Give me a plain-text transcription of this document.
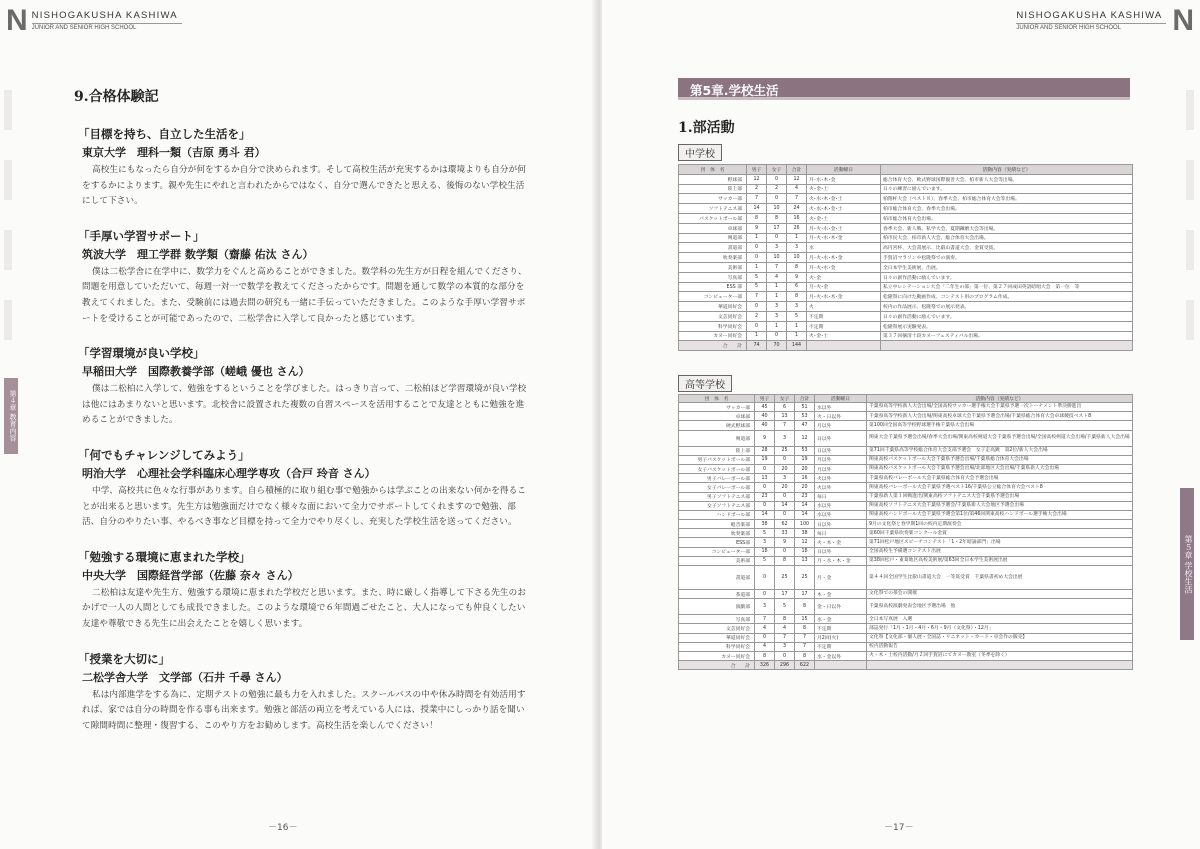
N NISHOGAKUSHA KASHIWA
JUNIOR AND SENIOR HIGH SCHOOL
第４章 教育内容
9.合格体験記
「目標を持ち、自立した生活を」
東京大学　理科一類（吉原 勇斗 君）
高校生にもなったら自分が何をするか自分で決められます。そして高校生活が充実するかは環境よりも自分が何をするかによります。親や先生にやれと言われたからではなく、自分で選んできたと思える、後悔のない学校生活にして下さい。
「手厚い学習サポート」
筑波大学　理工学群 数学類（齋藤 佑汰 さん）
僕は二松学舎に在学中に、数学力をぐんと高めることができました。数学科の先生方が日程を組んでくださり、問題を用意していただいて、毎週一対一で数学を教えてくださったからです。問題を通して数学の本質的な部分を教えてくれました。また、受験前には過去問の研究も一緒に手伝っていただきました。このような手厚い学習サポートを受けることが可能であったので、二松学舎に入学して良かったと感じています。
「学習環境が良い学校」
早稲田大学　国際教養学部（嵯峨 優也 さん）
僕は二松柏に入学して、勉強をするということを学びました。はっきり言って、二松柏ほど学習環境が良い学校は他にはあまりないと思います。北校舎に設置された複数の自習スペースを活用することで友達とともに勉強を進めることができました。
「何でもチャレンジしてみよう」
明治大学　心理社会学科臨床心理学専攻（合戸 玲音 さん）
中学、高校共に色々な行事があります。自ら積極的に取り組む事で勉強からは学ぶことの出来ない何かを得ることが出来ると思います。先生方は勉強面だけでなく様々な面において全力でサポートしてくれますので勉強、部活、自分のやりたい事、やるべき事など目標を持って全力でやり尽くし、充実した学校生活を送ってください。
「勉強する環境に恵まれた学校」
中央大学　国際経営学部（佐藤 奈々 さん）
二松柏は友達や先生方、勉強する環境に恵まれた学校だと思います。また、時に厳しく指導して下さる先生のおかげで一人の人間としても成長できました。このような環境で６年間過ごせたこと、大人になっても仲良くしたい友達や尊敬できる先生に出会えたことを嬉しく思います。
「授業を大切に」
二松学舎大学　文学部（石井 千尋 さん）
私は内部進学をする為に、定期テストの勉強に最も力を入れました。スクールバスの中や休み時間を有効活用すれば、家では自分の時間を作る事も出来ます。勉強と部活の両立を考えている人には、授業中にしっかり話を聞いて隙間時間に整理・復習する、このやり方をお勧めします。高校生活を楽しんでください！
－16－
NISHOGAKUSHA KASHIWA
JUNIOR AND SENIOR HIGH SCHOOL	N
第５章 学校生活
第5章.学校生活
1.部活動
中学校
団　体　名	男子	女子	合計	活動曜日	活動内容（実績など）
野球部	12	0	12	月･水･木･金	総合体育大会、軟式野球国際親善大会、柏市新人大会等出場。
陸上部	2	2	4	火･金･土	日々の練習に励んでいます。
サッカー部	7	0	7	火･水･木･金･土	柏翔杯大会（ベスト８）、春季大会、柏市総合体育大会等出場。
ソフトテニス部	14	10	24	火･水･木･金･土	柏市総合体育大会、春季大会出場。
バスケットボール部	8	8	16	火･金･土	柏市総合体育大会出場。
卓球部	9	17	26	月･火･水･金･土	春季大会、新人戦、私学大会、夏期錬磨大会等出場。
剣道部	1	0	1	月･火･水･木･金	柏市民大会、柏市新人大会、総合体育大会出場。
書道部	0	3	3	水	高円宮杯、大会書展示、比叡山書道大会、金賞受賞。
吹奏楽部	0	10	10	月･火･水･木･金	手賀沼マラソンや松隆祭での演奏。
美術部	1	7	8	月･火･水･金	全日本学生美術展、出展。
写真部	5	4	9	火･金	日々の創作活動に励んでいます。
ESS 部	5	1	6	月･火･金	私立中レシテーション大会「二年生の部」第一位、第２７回成田英語暗唱大会　第一位　等
コンピューター部	7	1	8	月･火･水･木･金	松隆祭に向けた動画作成、コンテスト用のプログラム作成。
華道同好会	0	3	3	火	校内の作品展示、松隆祭での展示発表。
文芸同好会	2	3	5	不定期	日々の創作活動に励んでいます。
科学同好会	0	1	1	不定期	松隆祭展示実験発表。
カヌー同好会	1	0	1	火･金･土	第３７回摘清十段カヌーフェスティバル出場。
合　　計	74	70	144		
高等学校
団　体　名	男子	女子	合計	活動曜日	活動内容（実績など）
サッカー部	45	6	51	水以外	千葉県高等学校新人大会出場/全国高校サッカー選手権大会千葉県予選一次トーナメント準決勝進出
卓球部	40	13	53	火・日以外	千葉県高等学校新人大会出場/関東高校卓球大会千葉県予選会出場/千葉県総合体育大会卓球競技ベスト8
硬式野球部	40	7	47	月以外	第100回全国高等学校野球選手権千葉県大会出場
剣道部	9	3	12	日以外	関東大会千葉県予選会出場/春季大会出場/関東高校剣道大会千葉県予選会出場/全国高校剣道大会出場/千葉県新人大会出場
陸上部	28	25	53	日以外	第71回千葉県高等学校総合体育大会支部予選会　女子走高跳　第2位/新人大会出場
男子バスケットボール部	19	0	19	月以外	関東高校バスケットボール大会千葉県予選会出場/千葉県総合体育大会出場
女子バスケットボール部	0	20	20	月以外	関東高校バスケットボール大会千葉県予選会出場/北部地区大会出場/千葉県新人大会出場
男子バレーボール部	13	3	16	火以外	千葉県高校バレーボール大会千葉県総合体育大会予選会出場
女子バレーボール部	0	20	20	火以外	関東高校バレーボール大会千葉県予選ベスト16/千葉県公立総合体育大会ベスト8
男子ソフトテニス部	23	0	23	毎日	千葉県新人第１回戦進出/関東高校ソフトテニス大会千葉県予選会出場
女子ソフトテニス部	0	14	14	水以外	関東高校ソフトテニス大会千葉県予選会/千葉県新人大会地区予選会出場
ハンドボール部	14	0	14	水以外	関東高校ハンドボール大会千葉県予選会第1位/第46回関東高校ハンドボール選手権大会出場
軽音楽部	38	62	100	日以外	9月の文化祭と春学期1回の校内定期演奏会
吹奏楽部	5	33	38	毎日	第60回千葉県吹奏楽コンクール金賞
ESS部	3	9	12	火・木・金	第71回松戸地区スピーチコンテスト「1・2年暗誦部門」出場
コンピューター部	18	0	18	日以外	全国高校生予備選コンテスト出展
美術部	5	8	13	月・水・木・金	第38回松戸・東葛地区高校美術展/第63回全日本学生美術展出展
書道部	0	25	25	月・金	第４４回全国学生比叡山書道大会　一等賞受賞　千葉県書初め大会出展
茶道部	0	17	17	木・金	文化祭での茶会の開催
演劇部	3	5	8	金・日以外	千葉県高校演劇発表会地区予選出場　他
写真部	7	8	15	水・金	全日本写真展　入選
文芸同好会	4	4	8	不定期	部誌発行「1月・1月・4月・6月・9月（文化祭）・12月」
華道同好会	0	7	7	月2回(火)	文化祭【文化部・個人展・全国誌・リニネット・カード・卓会作の販売】
科学同好会	4	3	7	不定期	校内活動報告
カヌー同好会	8	0	8	水・金以外	火・木・土校内活動/月２回手賀沼にてカヌー教室（冬季を除く）
合　　計	326	296	622		
－17－
